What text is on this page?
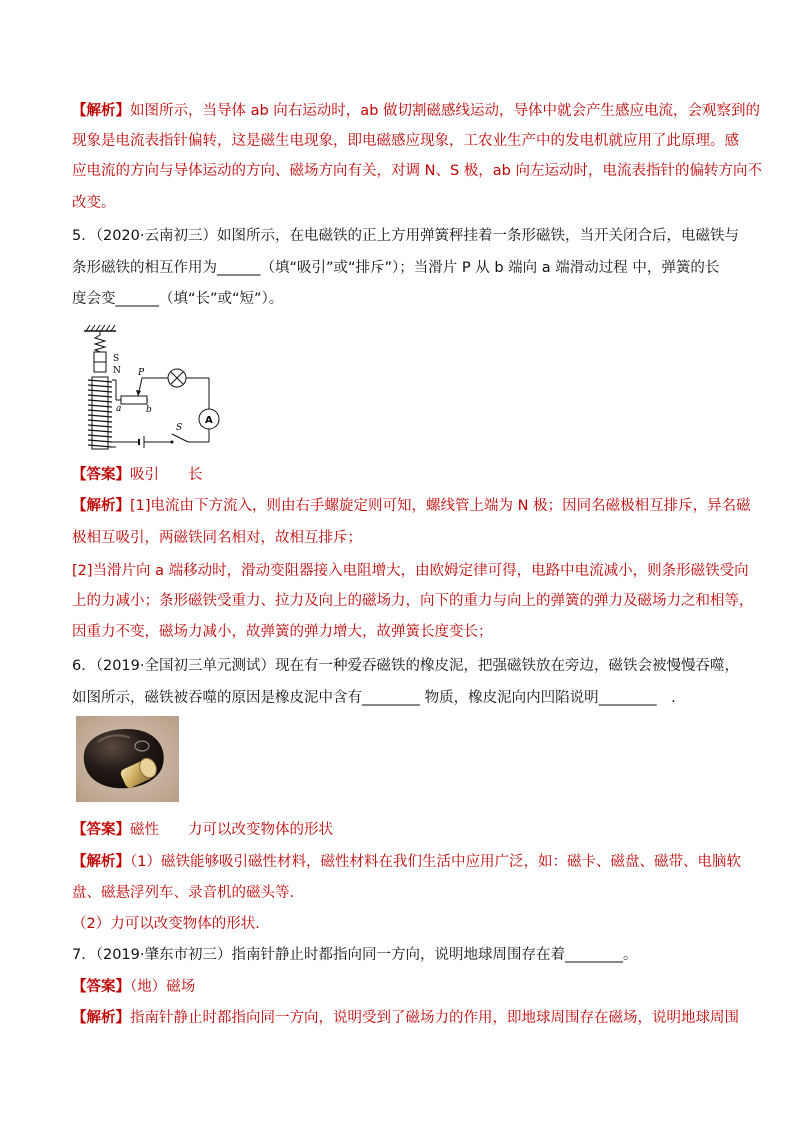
【解析】如图所示，当导体 ab 向右运动时，ab 做切割磁感线运动，导体中就会产生感应电流，会观察到的
现象是电流表指针偏转，这是磁生电现象，即电磁感应现象，工农业生产中的发电机就应用了此原理。感
应电流的方向与导体运动的方向、磁场方向有关，对调 N、S 极，ab 向左运动时，电流表指针的偏转方向不
改变。
5．（2020·云南初三）如图所示，在电磁铁的正上方用弹簧秤挂着一条形磁铁，当开关闭合后，电磁铁与
条形磁铁的相互作用为______（填“吸引”或“排斥”）；当滑片 P 从 b 端向 a 端滑动过程 中，弹簧的长
度会变______（填“长”或“短”）。
S
N P
a	b
A
S
【答案】吸引　　长
【解析】[1]电流由下方流入，则由右手螺旋定则可知，螺线管上端为 N 极；因同名磁极相互排斥，异名磁
极相互吸引，两磁铁同名相对，故相互排斥；
[2]当滑片向 a 端移动时，滑动变阻器接入电阻增大，由欧姆定律可得，电路中电流减小，则条形磁铁受向
上的力减小；条形磁铁受重力、拉力及向上的磁场力，向下的重力与向上的弹簧的弹力及磁场力之和相等，
因重力不变，磁场力减小，故弹簧的弹力增大，故弹簧长度变长；
6．（2019·全国初三单元测试）现在有一种爱吞磁铁的橡皮泥，把强磁铁放在旁边，磁铁会被慢慢吞噬，
如图所示，磁铁被吞噬的原因是橡皮泥中含有________ 物质，橡皮泥向内凹陷说明________　.
【答案】磁性　　力可以改变物体的形状
【解析】（1）磁铁能够吸引磁性材料，磁性材料在我们生活中应用广泛，如：磁卡、磁盘、磁带、电脑软
盘、磁悬浮列车、录音机的磁头等．
（2）力可以改变物体的形状．
7．（2019·肇东市初三）指南针静止时都指向同一方向，说明地球周围存在着________。
【答案】（地）磁场
【解析】指南针静止时都指向同一方向，说明受到了磁场力的作用，即地球周围存在磁场，说明地球周围
